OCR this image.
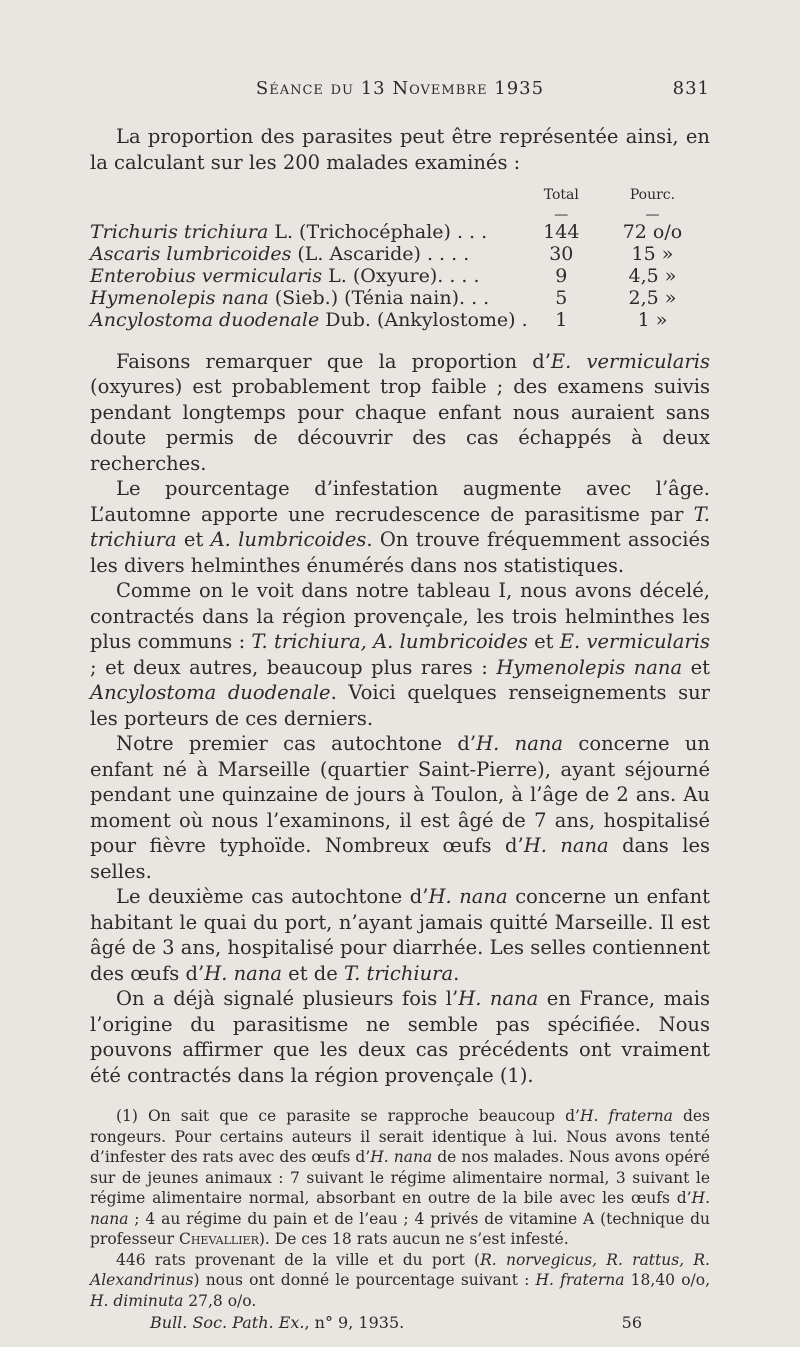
Séance du 13 Novembre 1935	831

La proportion des parasites peut être représentée ainsi, en la calculant sur les 200 malades examinés :

	Total	Pourc.
	—	—
Trichuris trichiura L. (Trichocéphale) . . .	144	72 o/o
Ascaris lumbricoides (L. Ascaride) . . . .	30	15 »
Enterobius vermicularis L. (Oxyure). . . .	9	4,5 »
Hymenolepis nana (Sieb.) (Ténia nain). . .	5	2,5 »
Ancylostoma duodenale Dub. (Ankylostome) .	1	1 »

Faisons remarquer que la proportion d’E. vermicularis (oxyures) est probablement trop faible ; des examens suivis pendant longtemps pour chaque enfant nous auraient sans doute permis de découvrir des cas échappés à deux recherches.

Le pourcentage d’infestation augmente avec l’âge. L’automne apporte une recrudescence de parasitisme par T. trichiura et A. lumbricoides. On trouve fréquemment associés les divers helminthes énumérés dans nos statistiques.

Comme on le voit dans notre tableau I, nous avons décelé, contractés dans la région provençale, les trois helminthes les plus communs : T. trichiura, A. lumbricoides et E. vermicularis ; et deux autres, beaucoup plus rares : Hymenolepis nana et Ancylostoma duodenale. Voici quelques renseignements sur les porteurs de ces derniers.

Notre premier cas autochtone d’H. nana concerne un enfant né à Marseille (quartier Saint-Pierre), ayant séjourné pendant une quinzaine de jours à Toulon, à l’âge de 2 ans. Au moment où nous l’examinons, il est âgé de 7 ans, hospitalisé pour fièvre typhoïde. Nombreux œufs d’H. nana dans les selles.

Le deuxième cas autochtone d’H. nana concerne un enfant habitant le quai du port, n’ayant jamais quitté Marseille. Il est âgé de 3 ans, hospitalisé pour diarrhée. Les selles contiennent des œufs d’H. nana et de T. trichiura.

On a déjà signalé plusieurs fois l’H. nana en France, mais l’origine du parasitisme ne semble pas spécifiée. Nous pouvons affirmer que les deux cas précédents ont vraiment été contractés dans la région provençale (1).

(1) On sait que ce parasite se rapproche beaucoup d’H. fraterna des rongeurs. Pour certains auteurs il serait identique à lui. Nous avons tenté d’infester des rats avec des œufs d’H. nana de nos malades. Nous avons opéré sur de jeunes animaux : 7 suivant le régime alimentaire normal, 3 suivant le régime alimentaire normal, absorbant en outre de la bile avec les œufs d’H. nana ; 4 au régime du pain et de l’eau ; 4 privés de vitamine A (technique du professeur Chevallier). De ces 18 rats aucun ne s’est infesté.

446 rats provenant de la ville et du port (R. norvegicus, R. rattus, R. Alexandrinus) nous ont donné le pourcentage suivant : H. fraterna 18,40 o/o, H. diminuta 27,8 o/o.

Bull. Soc. Path. Ex., n° 9, 1935.	56
